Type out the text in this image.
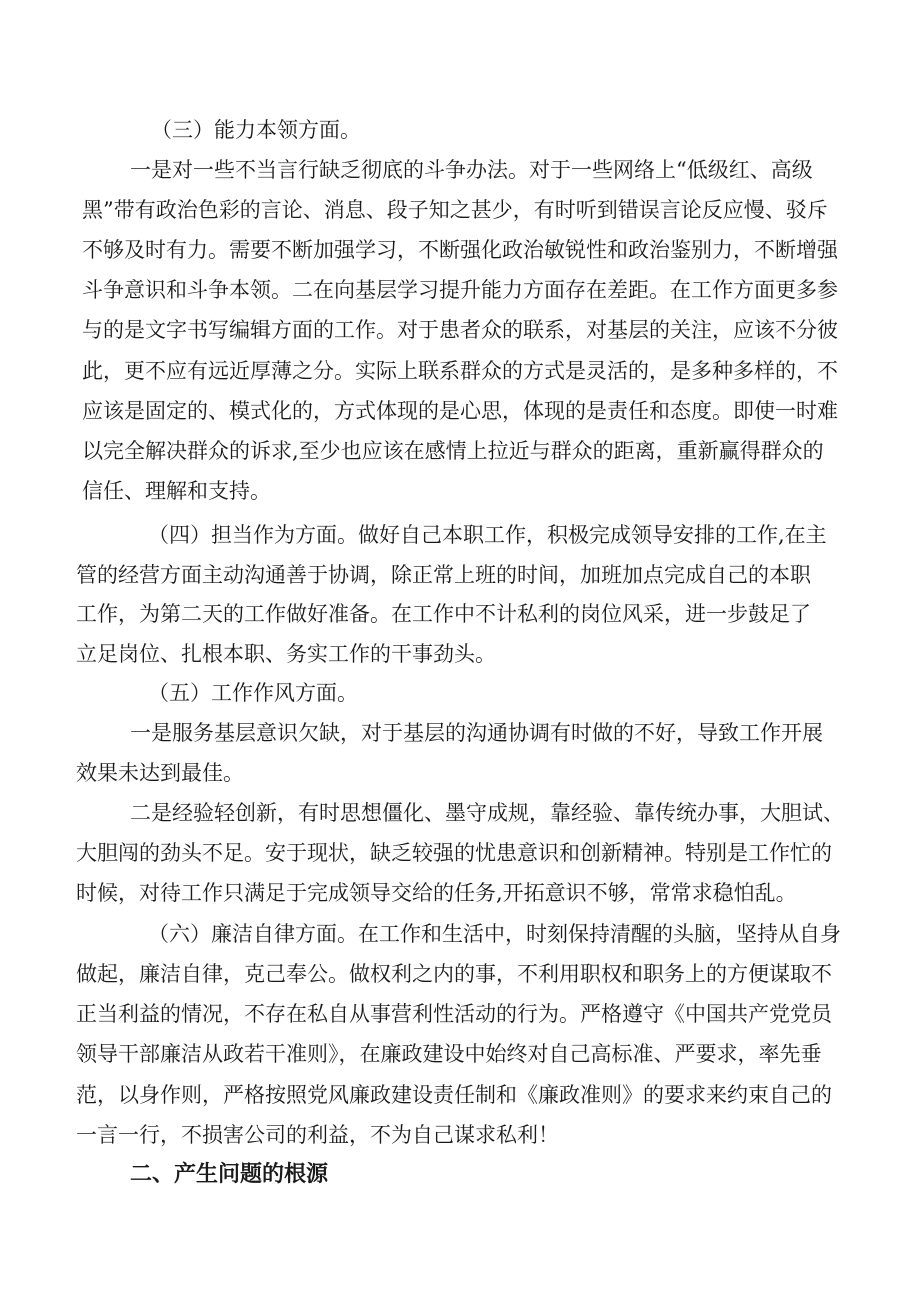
（三）能力本领方面。
一是对一些不当言行缺乏彻底的斗争办法。对于一些网络上“低级红、高级
黑”带有政治色彩的言论、消息、段子知之甚少，有时听到错误言论反应慢、驳斥
不够及时有力。需要不断加强学习，不断强化政治敏锐性和政治鉴别力，不断增强
斗争意识和斗争本领。二在向基层学习提升能力方面存在差距。在工作方面更多参
与的是文字书写编辑方面的工作。对于患者众的联系，对基层的关注，应该不分彼
此，更不应有远近厚薄之分。实际上联系群众的方式是灵活的，是多种多样的，不
应该是固定的、模式化的，方式体现的是心思，体现的是责任和态度。即使一时难
以完全解决群众的诉求,至少也应该在感情上拉近与群众的距离，重新赢得群众的
信任、理解和支持。
（四）担当作为方面。做好自己本职工作，积极完成领导安排的工作,在主
管的经营方面主动沟通善于协调，除正常上班的时间，加班加点完成自己的本职
工作，为第二天的工作做好准备。在工作中不计私利的岗位风采，进一步鼓足了
立足岗位、扎根本职、务实工作的干事劲头。
（五）工作作风方面。
一是服务基层意识欠缺，对于基层的沟通协调有时做的不好，导致工作开展
效果未达到最佳。
二是经验轻创新，有时思想僵化、墨守成规，靠经验、靠传统办事，大胆试、
大胆闯的劲头不足。安于现状，缺乏较强的忧患意识和创新精神。特别是工作忙的
时候，对待工作只满足于完成领导交给的任务,开拓意识不够，常常求稳怕乱。
（六）廉洁自律方面。在工作和生活中，时刻保持清醒的头脑，坚持从自身
做起，廉洁自律，克己奉公。做权利之内的事，不利用职权和职务上的方便谋取不
正当利益的情况，不存在私自从事营利性活动的行为。严格遵守《中国共产党党员
领导干部廉洁从政若干准则》，在廉政建设中始终对自己高标准、严要求，率先垂
范，以身作则，严格按照党风廉政建设责任制和《廉政准则》的要求来约束自己的
一言一行，不损害公司的利益，不为自己谋求私利！
二、产生问题的根源
